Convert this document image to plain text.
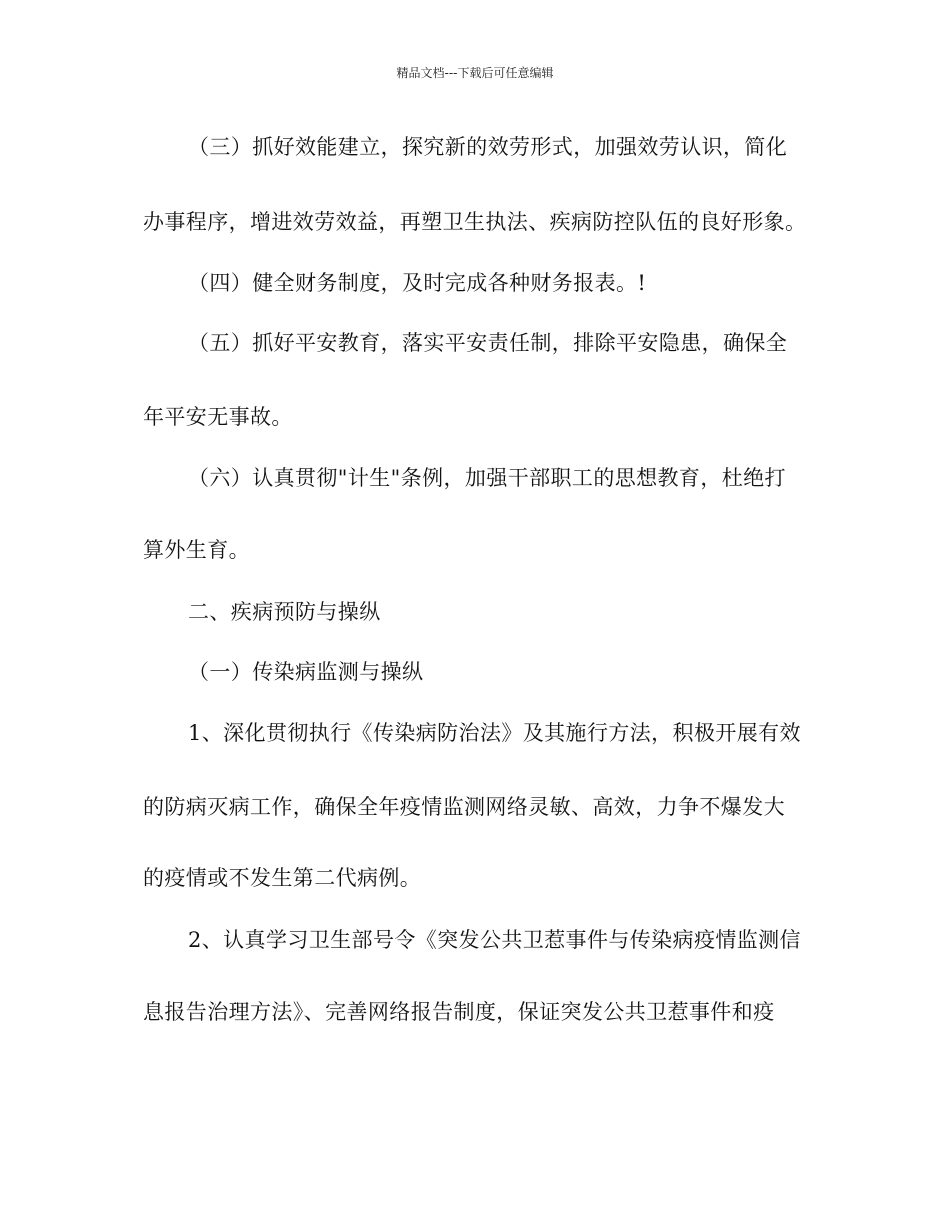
精品文档---下载后可任意编辑
（三）抓好效能建立，探究新的效劳形式，加强效劳认识，简化
办事程序，增进效劳效益，再塑卫生执法、疾病防控队伍的良好形象。
（四）健全财务制度，及时完成各种财务报表。!
（五）抓好平安教育，落实平安责任制，排除平安隐患，确保全
年平安无事故。
（六）认真贯彻"计生"条例，加强干部职工的思想教育，杜绝打
算外生育。
二、疾病预防与操纵
（一）传染病监测与操纵
1、深化贯彻执行《传染病防治法》及其施行方法，积极开展有效
的防病灭病工作，确保全年疫情监测网络灵敏、高效，力争不爆发大
的疫情或不发生第二代病例。
2、认真学习卫生部号令《突发公共卫惹事件与传染病疫情监测信
息报告治理方法》、完善网络报告制度，保证突发公共卫惹事件和疫
